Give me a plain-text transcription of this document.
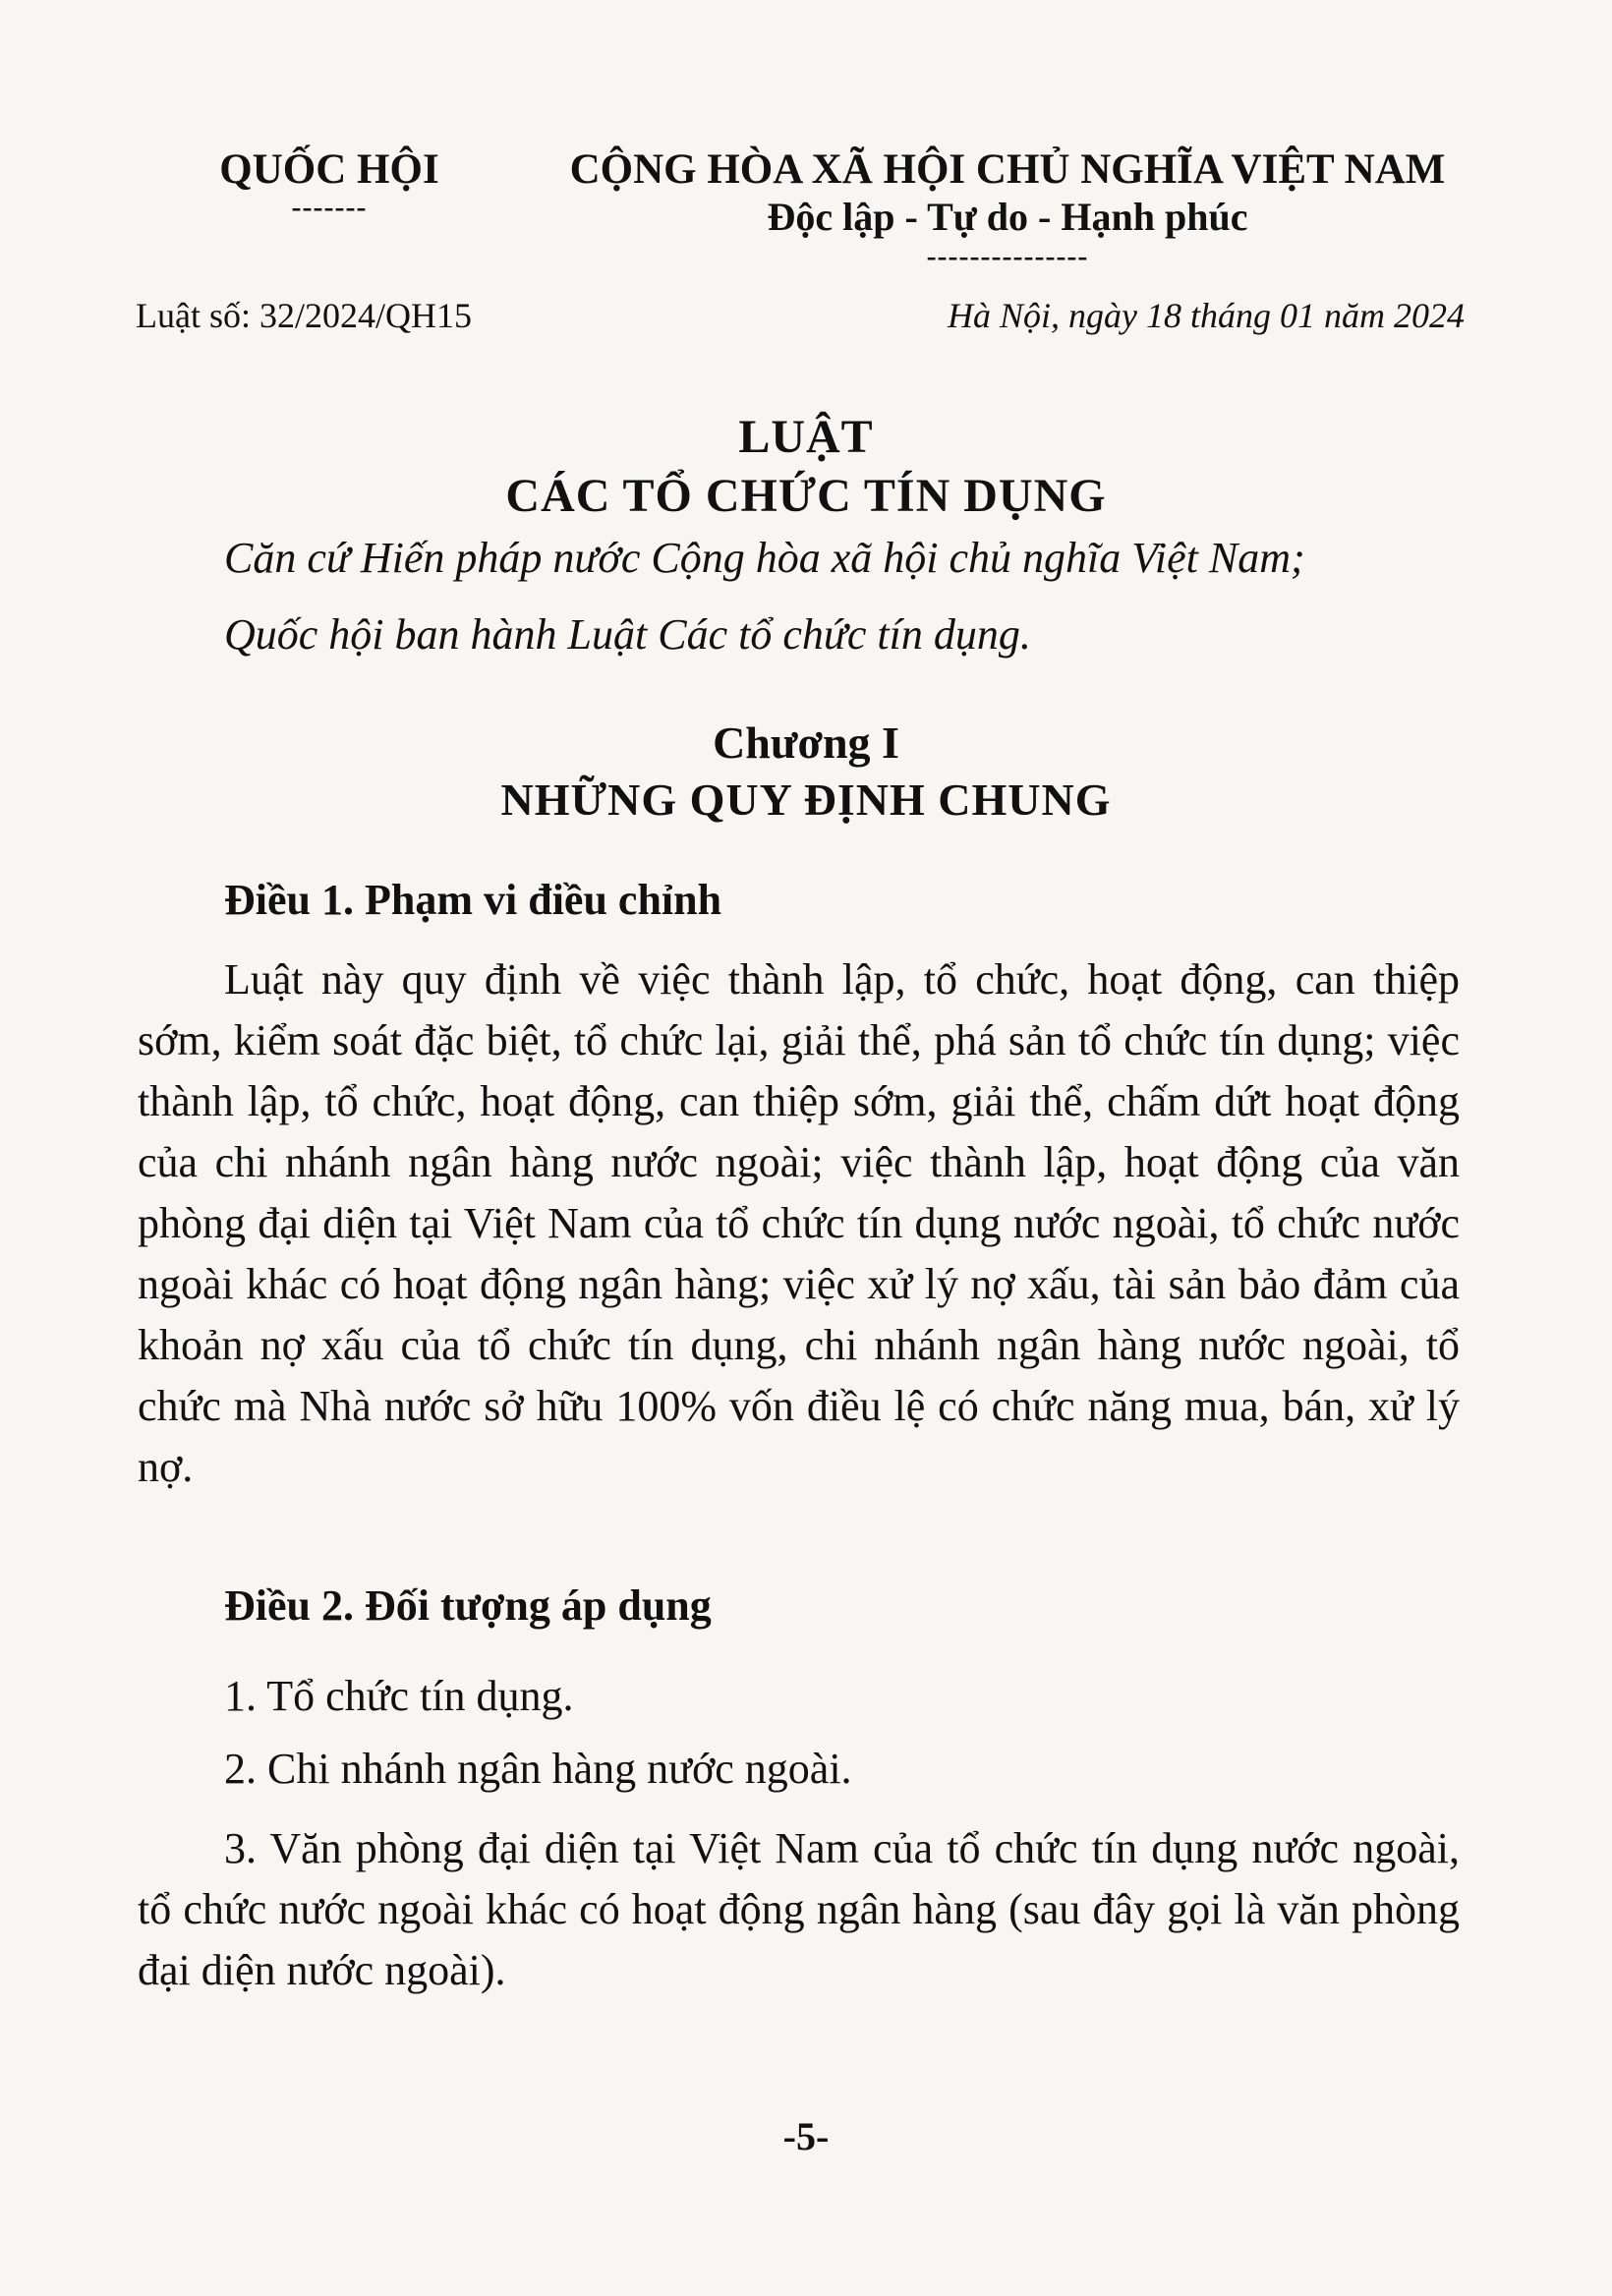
QUỐC HỘI
-------
CỘNG HÒA XÃ HỘI CHỦ NGHĨA VIỆT NAM
Độc lập - Tự do - Hạnh phúc
---------------
Luật số: 32/2024/QH15	Hà Nội, ngày 18 tháng 01 năm 2024
LUẬT
CÁC TỔ CHỨC TÍN DỤNG
Căn cứ Hiến pháp nước Cộng hòa xã hội chủ nghĩa Việt Nam;
Quốc hội ban hành Luật Các tổ chức tín dụng.
Chương I
NHỮNG QUY ĐỊNH CHUNG
Điều 1. Phạm vi điều chỉnh
Luật này quy định về việc thành lập, tổ chức, hoạt động, can thiệp sớm, kiểm soát đặc biệt, tổ chức lại, giải thể, phá sản tổ chức tín dụng; việc thành lập, tổ chức, hoạt động, can thiệp sớm, giải thể, chấm dứt hoạt động của chi nhánh ngân hàng nước ngoài; việc thành lập, hoạt động của văn phòng đại diện tại Việt Nam của tổ chức tín dụng nước ngoài, tổ chức nước ngoài khác có hoạt động ngân hàng; việc xử lý nợ xấu, tài sản bảo đảm của khoản nợ xấu của tổ chức tín dụng, chi nhánh ngân hàng nước ngoài, tổ chức mà Nhà nước sở hữu 100% vốn điều lệ có chức năng mua, bán, xử lý nợ.
Điều 2. Đối tượng áp dụng
1. Tổ chức tín dụng.
2. Chi nhánh ngân hàng nước ngoài.
3. Văn phòng đại diện tại Việt Nam của tổ chức tín dụng nước ngoài, tổ chức nước ngoài khác có hoạt động ngân hàng (sau đây gọi là văn phòng đại diện nước ngoài).
-5-
